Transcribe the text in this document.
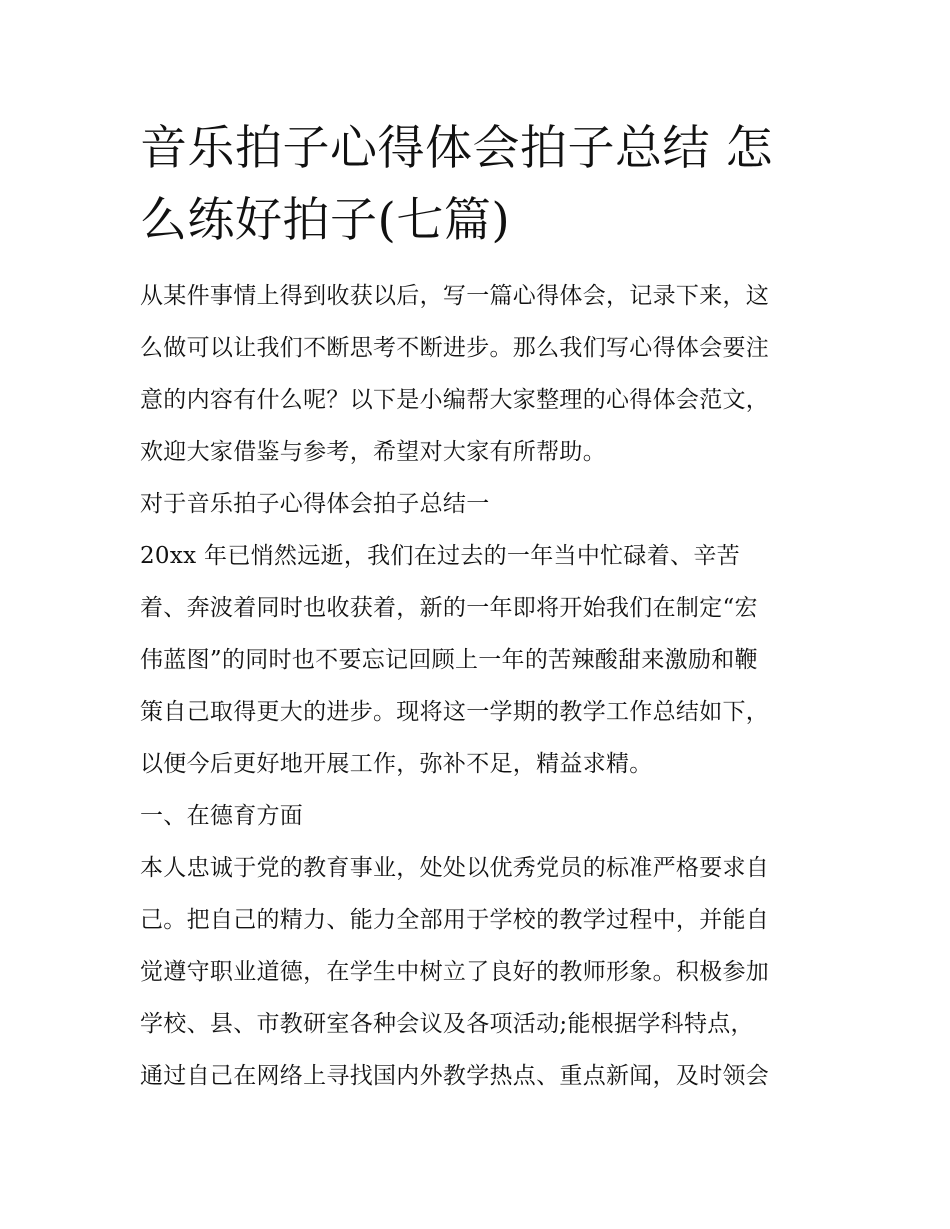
音乐拍子心得体会拍子总结 怎
么练好拍子(七篇)
从某件事情上得到收获以后，写一篇心得体会，记录下来，这
么做可以让我们不断思考不断进步。那么我们写心得体会要注
意的内容有什么呢？以下是小编帮大家整理的心得体会范文，
欢迎大家借鉴与参考，希望对大家有所帮助。
对于音乐拍子心得体会拍子总结一
20xx 年已悄然远逝，我们在过去的一年当中忙碌着、辛苦
着、奔波着同时也收获着，新的一年即将开始我们在制定“宏
伟蓝图”的同时也不要忘记回顾上一年的苦辣酸甜来激励和鞭
策自己取得更大的进步。现将这一学期的教学工作总结如下，
以便今后更好地开展工作，弥补不足，精益求精。
一、在德育方面
本人忠诚于党的教育事业，处处以优秀党员的标准严格要求自
己。把自己的精力、能力全部用于学校的教学过程中，并能自
觉遵守职业道德，在学生中树立了良好的教师形象。积极参加
学校、县、市教研室各种会议及各项活动;能根据学科特点，
通过自己在网络上寻找国内外教学热点、重点新闻，及时领会
